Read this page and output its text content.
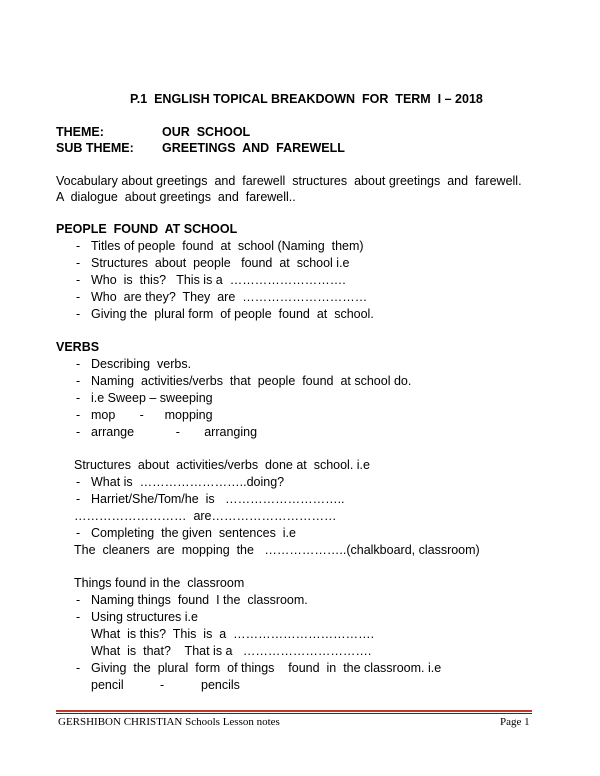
P.1  ENGLISH TOPICAL BREAKDOWN  FOR  TERM  I – 2018
THEME:	OUR  SCHOOL
SUB THEME: GREETINGS  AND  FAREWELL
Vocabulary about greetings  and  farewell  structures  about greetings  and  farewell.
A  dialogue  about greetings  and  farewell..
PEOPLE  FOUND  AT SCHOOL
- Titles of people  found  at  school (Naming  them)
- Structures  about  people   found  at  school i.e
- Who  is  this?   This is a  ……………………….
- Who  are they?  They  are  …………………………
- Giving the  plural form  of people  found  at  school.
VERBS
- Describing  verbs.
- Naming  activities/verbs  that  people  found  at school do.
- i.e Sweep – sweeping
- mop       -      mopping
- arrange            -       arranging
Structures  about  activities/verbs  done at  school. i.e
- What is  ……………………..doing?
- Harriet/She/Tom/he  is   ………………………..
………………………  are…………………………
- Completing  the given  sentences  i.e
The  cleaners  are  mopping  the   ………………..(chalkboard, classroom)
Things found in the  classroom
- Naming things  found  I the  classroom.
- Using structures i.e
What  is this?  This  is  a  …………………………….
What  is  that?    That is a   ………………………….
- Giving  the  plural  form  of things    found  in  the classroom. i.e
pencil	-	pencils
GERSHIBON CHRISTIAN Schools Lesson notes	Page 1
